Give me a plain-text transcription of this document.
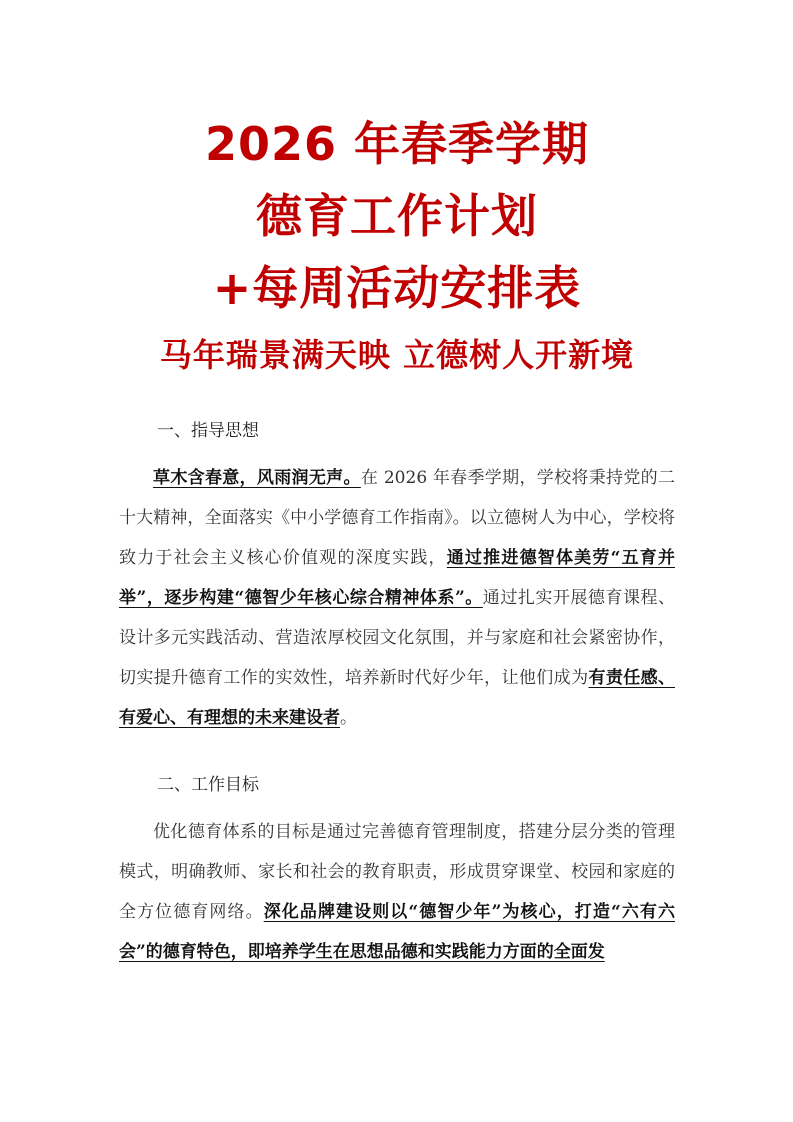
2026 年春季学期

德育工作计划

+每周活动安排表

马年瑞景满天映 立德树人开新境

一、指导思想

草木含春意，风雨润无声。在 2026 年春季学期，学校将秉持党的二十大精神，全面落实《中小学德育工作指南》。以立德树人为中心，学校将致力于社会主义核心价值观的深度实践，通过推进德智体美劳“五育并举”，逐步构建“德智少年核心综合精神体系”。通过扎实开展德育课程、设计多元实践活动、营造浓厚校园文化氛围，并与家庭和社会紧密协作，切实提升德育工作的实效性，培养新时代好少年，让他们成为有责任感、有爱心、有理想的未来建设者。

二、工作目标

优化德育体系的目标是通过完善德育管理制度，搭建分层分类的管理模式，明确教师、家长和社会的教育职责，形成贯穿课堂、校园和家庭的全方位德育网络。深化品牌建设则以“德智少年”为核心，打造“六有六会”的德育特色，即培养学生在思想品德和实践能力方面的全面发
